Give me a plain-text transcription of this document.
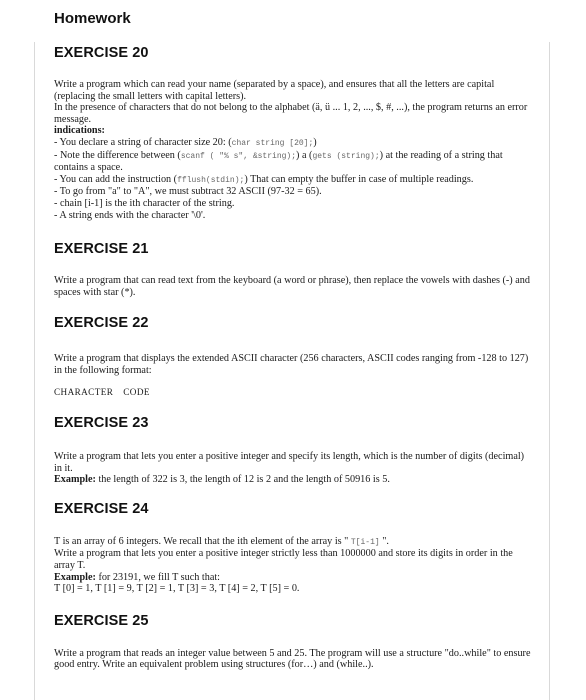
Homework
EXERCISE 20

Write a program which can read your name (separated by a space), and ensures that all the letters are capital (replacing the small letters with capital letters).

In the presence of characters that do not belong to the alphabet (ä, ü ... 1, 2, ..., $, #, ...), the program returns an error message.

indications:

- You declare a string of character size 20: (char string [20];)

- Note the difference between (scanf ( "% s", &string);) a (gets (string);) at the reading of a string that contains a space.

- You can add the instruction (fflush(stdin);) That can empty the buffer in case of multiple readings.

- To go from "a" to "A", we must subtract 32 ASCII (97-32 = 65).

- chain [i-1] is the ith character of the string.

- A string ends with the character '\0'.

EXERCISE 21

Write a program that can read text from the keyboard (a word or phrase), then replace the vowels with dashes (-) and spaces with star (*).

EXERCISE 22

Write a program that displays the extended ASCII character (256 characters, ASCII codes ranging from -128 to 127) in the following format:

CHARACTER CODE
EXERCISE 23

Write a program that lets you enter a positive integer and specify its length, which is the number of digits (decimal) in it.

Example: the length of 322 is 3, the length of 12 is 2 and the length of 50916 is 5.

EXERCISE 24

T is an array of 6 integers. We recall that the ith element of the array is " T[i-1] ".

Write a program that lets you enter a positive integer strictly less than 1000000 and store its digits in order in the array T.

Example: for 23191, we fill T such that:

T [0] = 1, T [1] = 9, T [2] = 1, T [3] = 3, T [4] = 2, T [5] = 0.

EXERCISE 25

Write a program that reads an integer value between 5 and 25. The program will use a structure "do..while" to ensure good entry. Write an equivalent problem using structures (for…) and (while..).
